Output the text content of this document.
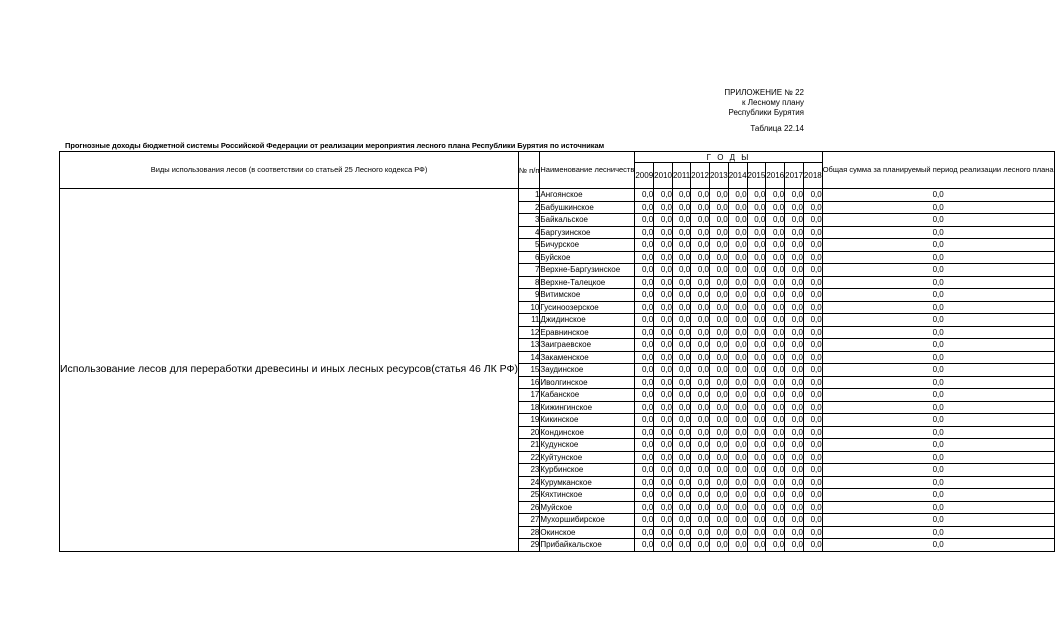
ПРИЛОЖЕНИЕ № 22
к Лесному плану
Республики Бурятия
Таблица 22.14
Прогнозные доходы бюджетной системы Российской Федерации от реализации мероприятия лесного плана Республики Бурятия по источникам
Виды использования лесов (в соответствии со статьей 25 Лесного кодекса РФ)	№ п/п	Наименование лесничеств	Г О Д Ы										Общая сумма за планируемый период реализации лесного плана
			2009	2010	2011	2012	2013	2014	2015	2016	2017	2018	
Использование лесов для переработки древесины и иных лесных ресурсов(статья 46 ЛК РФ)	1	Ангоянское	0,0	0,0	0,0	0,0	0,0	0,0	0,0	0,0	0,0	0,0	0,0
	2	Бабушкинское	0,0	0,0	0,0	0,0	0,0	0,0	0,0	0,0	0,0	0,0	0,0
	3	Байкальское	0,0	0,0	0,0	0,0	0,0	0,0	0,0	0,0	0,0	0,0	0,0
	4	Баргузинское	0,0	0,0	0,0	0,0	0,0	0,0	0,0	0,0	0,0	0,0	0,0
	5	Бичурское	0,0	0,0	0,0	0,0	0,0	0,0	0,0	0,0	0,0	0,0	0,0
	6	Буйское	0,0	0,0	0,0	0,0	0,0	0,0	0,0	0,0	0,0	0,0	0,0
	7	Верхне-Баргузинское	0,0	0,0	0,0	0,0	0,0	0,0	0,0	0,0	0,0	0,0	0,0
	8	Верхне-Талецкое	0,0	0,0	0,0	0,0	0,0	0,0	0,0	0,0	0,0	0,0	0,0
	9	Витимское	0,0	0,0	0,0	0,0	0,0	0,0	0,0	0,0	0,0	0,0	0,0
	10	Гусиноозерское	0,0	0,0	0,0	0,0	0,0	0,0	0,0	0,0	0,0	0,0	0,0
	11	Джидинское	0,0	0,0	0,0	0,0	0,0	0,0	0,0	0,0	0,0	0,0	0,0
	12	Еравнинское	0,0	0,0	0,0	0,0	0,0	0,0	0,0	0,0	0,0	0,0	0,0
	13	Заиграевское	0,0	0,0	0,0	0,0	0,0	0,0	0,0	0,0	0,0	0,0	0,0
	14	Закаменское	0,0	0,0	0,0	0,0	0,0	0,0	0,0	0,0	0,0	0,0	0,0
	15	Заудинское	0,0	0,0	0,0	0,0	0,0	0,0	0,0	0,0	0,0	0,0	0,0
	16	Иволгинское	0,0	0,0	0,0	0,0	0,0	0,0	0,0	0,0	0,0	0,0	0,0
	17	Кабанское	0,0	0,0	0,0	0,0	0,0	0,0	0,0	0,0	0,0	0,0	0,0
	18	Кижингинское	0,0	0,0	0,0	0,0	0,0	0,0	0,0	0,0	0,0	0,0	0,0
	19	Кикинское	0,0	0,0	0,0	0,0	0,0	0,0	0,0	0,0	0,0	0,0	0,0
	20	Кондинское	0,0	0,0	0,0	0,0	0,0	0,0	0,0	0,0	0,0	0,0	0,0
	21	Кудунское	0,0	0,0	0,0	0,0	0,0	0,0	0,0	0,0	0,0	0,0	0,0
	22	Куйтунское	0,0	0,0	0,0	0,0	0,0	0,0	0,0	0,0	0,0	0,0	0,0
	23	Курбинское	0,0	0,0	0,0	0,0	0,0	0,0	0,0	0,0	0,0	0,0	0,0
	24	Курумканское	0,0	0,0	0,0	0,0	0,0	0,0	0,0	0,0	0,0	0,0	0,0
	25	Кяхтинское	0,0	0,0	0,0	0,0	0,0	0,0	0,0	0,0	0,0	0,0	0,0
	26	Муйское	0,0	0,0	0,0	0,0	0,0	0,0	0,0	0,0	0,0	0,0	0,0
	27	Мухоршибирское	0,0	0,0	0,0	0,0	0,0	0,0	0,0	0,0	0,0	0,0	0,0
	28	Окинское	0,0	0,0	0,0	0,0	0,0	0,0	0,0	0,0	0,0	0,0	0,0
	29	Прибайкальское	0,0	0,0	0,0	0,0	0,0	0,0	0,0	0,0	0,0	0,0	0,0
